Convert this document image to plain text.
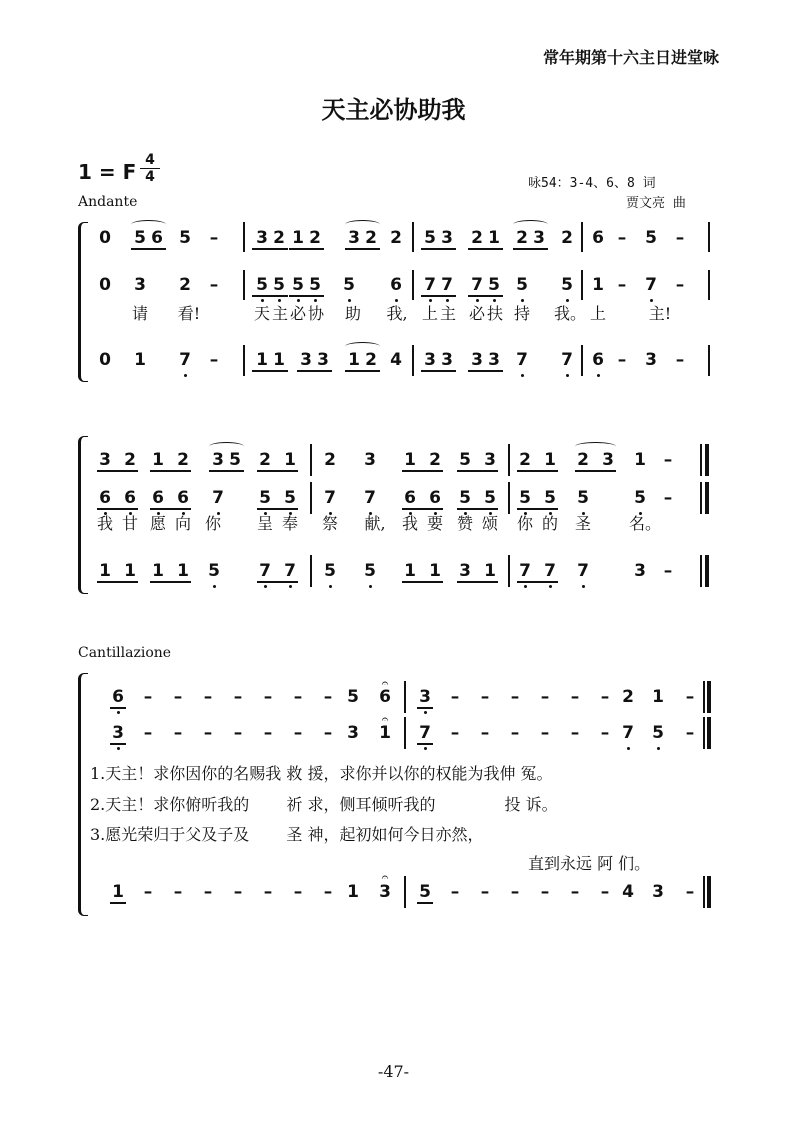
常年期第十六主日进堂咏
天主必协助我
1 = F 4
4
Andante
咏54：3-4、6、8 词
贾文亮 曲
Cantillazione
1.天主！求你因你的名赐我 救 援，求你并以你的权能为我伸 冤。
2.天主！求你俯听我的　　 祈 求，侧耳倾听我的　　　　 投 诉。
3.愿光荣归于父及子及　　 圣 神，起初如何今日亦然，
直到永远 阿 们。
-47-
0 5 6 5 – 3 2 1 2 3 2 2 5 3 2 1 2 3 2 6 – 5 –
0 3 2 – 5 5 5 5 5 6 7 7 7 5 5 5 1 – 7 –
请 看!	天 主 必 协 助 我, 上 主 必 扶 持 我。 上	主!
0 1 7 – 1 1 3 3 1 2 4 3 3 3 3 7 7 6 – 3 –
3 2 1 2 3 5 2 1 2 3 1 2 5 3 2 1 2 3 1 –
6 6 6 6 7 5 5 7 7 6 6 5 5 5 5 5	5 –
我 甘 愿 向 你 呈 奉 祭 献, 我 要 赞 颂 你 的 圣 名。
1 1 1 1 5 7 7 5 5 1 1 3 1 7 7 7	3 –
6 – – – – – – – 5 6 3 – – – – – – 2 1 –
3 – – – – – – – 3 1 7 – – – – – – 7 5 –
1 – – – – – – – 1 3 5 – – – – – – 4 3 –
𝄐
𝄐
𝄐
